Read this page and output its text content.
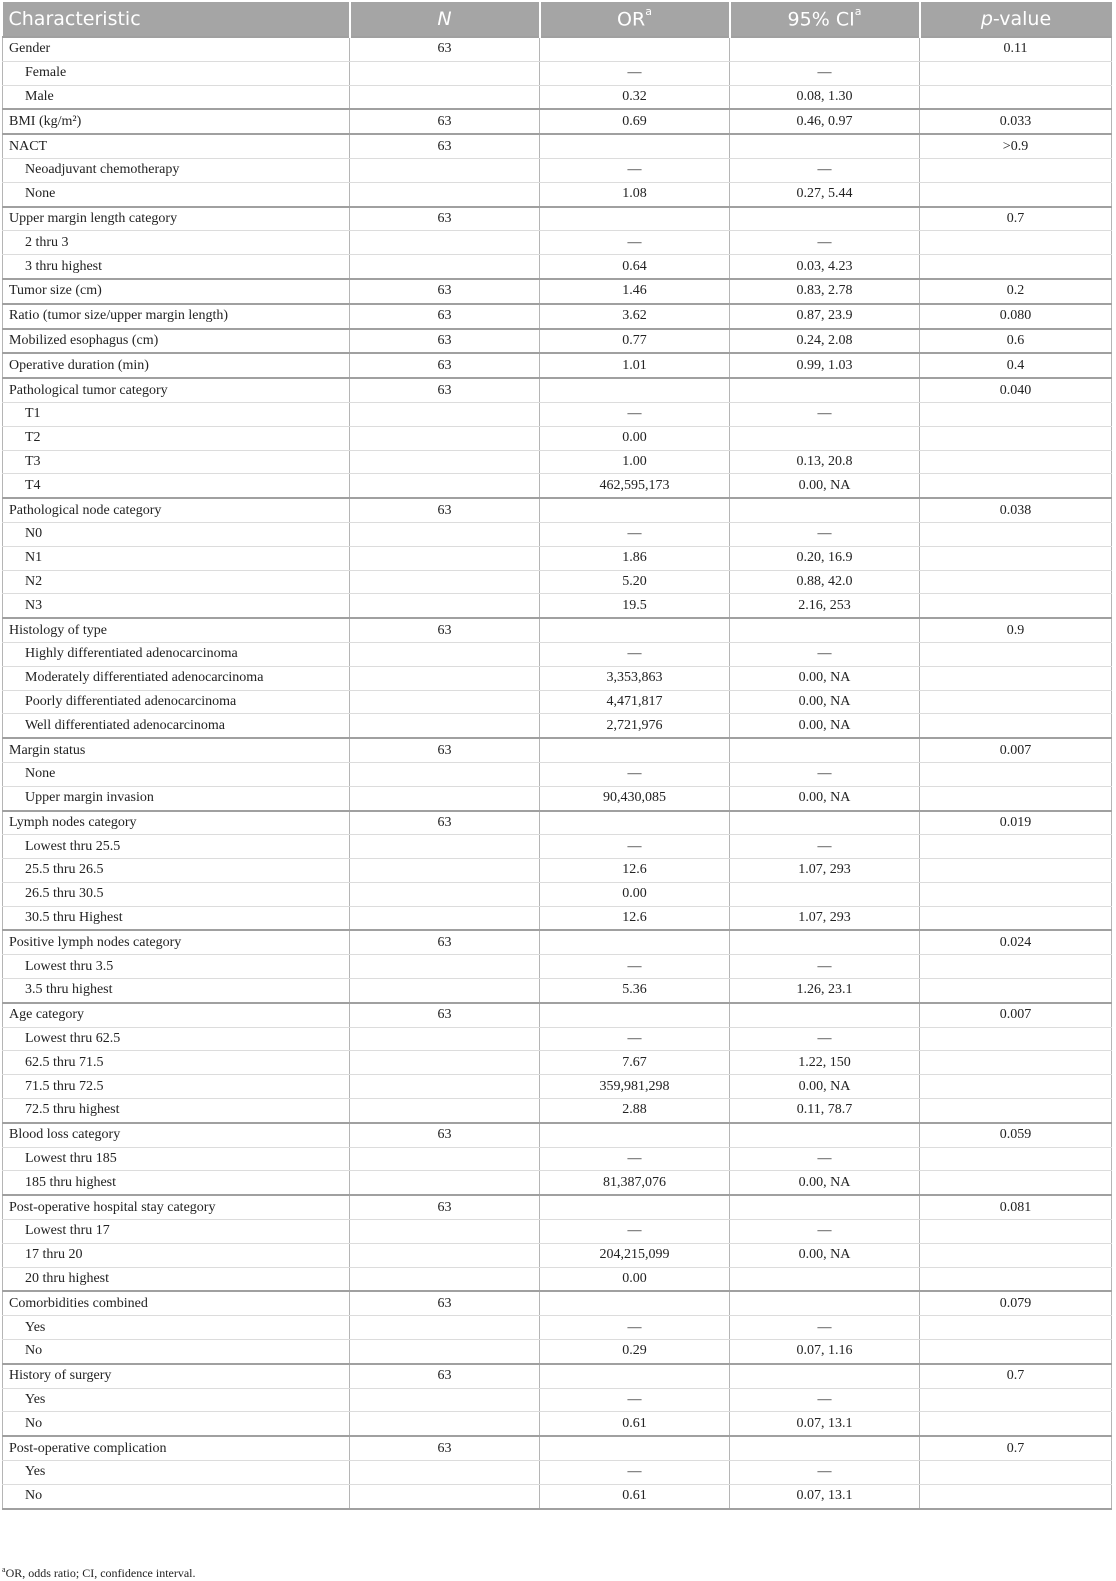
Characteristic	N	$OR^a$	95% $CI^a$	p-value
Gender	63			0.11
Female		—	—	
Male		0.32	0.08, 1.30	
BMI (kg/m²)	63	0.69	0.46, 0.97	0.033
NACT	63			>0.9
Neoadjuvant chemotherapy		—	—	
None		1.08	0.27, 5.44	
Upper margin length category	63			0.7
2 thru 3		—	—	
3 thru highest		0.64	0.03, 4.23	
Tumor size (cm)	63	1.46	0.83, 2.78	0.2
Ratio (tumor size/upper margin length)	63	3.62	0.87, 23.9	0.080
Mobilized esophagus (cm)	63	0.77	0.24, 2.08	0.6
Operative duration (min)	63	1.01	0.99, 1.03	0.4
Pathological tumor category	63			0.040
T1		—	—	
T2		0.00		
T3		1.00	0.13, 20.8	
T4		462,595,173	0.00, NA	
Pathological node category	63			0.038
N0		—	—	
N1		1.86	0.20, 16.9	
N2		5.20	0.88, 42.0	
N3		19.5	2.16, 253	
Histology of type	63			0.9
Highly differentiated adenocarcinoma		—	—	
Moderately differentiated adenocarcinoma		3,353,863	0.00, NA	
Poorly differentiated adenocarcinoma		4,471,817	0.00, NA	
Well differentiated adenocarcinoma		2,721,976	0.00, NA	
Margin status	63			0.007
None		—	—	
Upper margin invasion		90,430,085	0.00, NA	
Lymph nodes category	63			0.019
Lowest thru 25.5		—	—	
25.5 thru 26.5		12.6	1.07, 293	
26.5 thru 30.5		0.00		
30.5 thru Highest		12.6	1.07, 293	
Positive lymph nodes category	63			0.024
Lowest thru 3.5		—	—	
3.5 thru highest		5.36	1.26, 23.1	
Age category	63			0.007
Lowest thru 62.5		—	—	
62.5 thru 71.5		7.67	1.22, 150	
71.5 thru 72.5		359,981,298	0.00, NA	
72.5 thru highest		2.88	0.11, 78.7	
Blood loss category	63			0.059
Lowest thru 185		—	—	
185 thru highest		81,387,076	0.00, NA	
Post-operative hospital stay category	63			0.081
Lowest thru 17		—	—	
17 thru 20		204,215,099	0.00, NA	
20 thru highest		0.00		
Comorbidities combined	63			0.079
Yes		—	—	
No		0.29	0.07, 1.16	
History of surgery	63			0.7
Yes		—	—	
No		0.61	0.07, 13.1	
Post-operative complication	63			0.7
Yes		—	—	
No		0.61	0.07, 13.1	
$^a$OR, odds ratio; CI, confidence interval.
